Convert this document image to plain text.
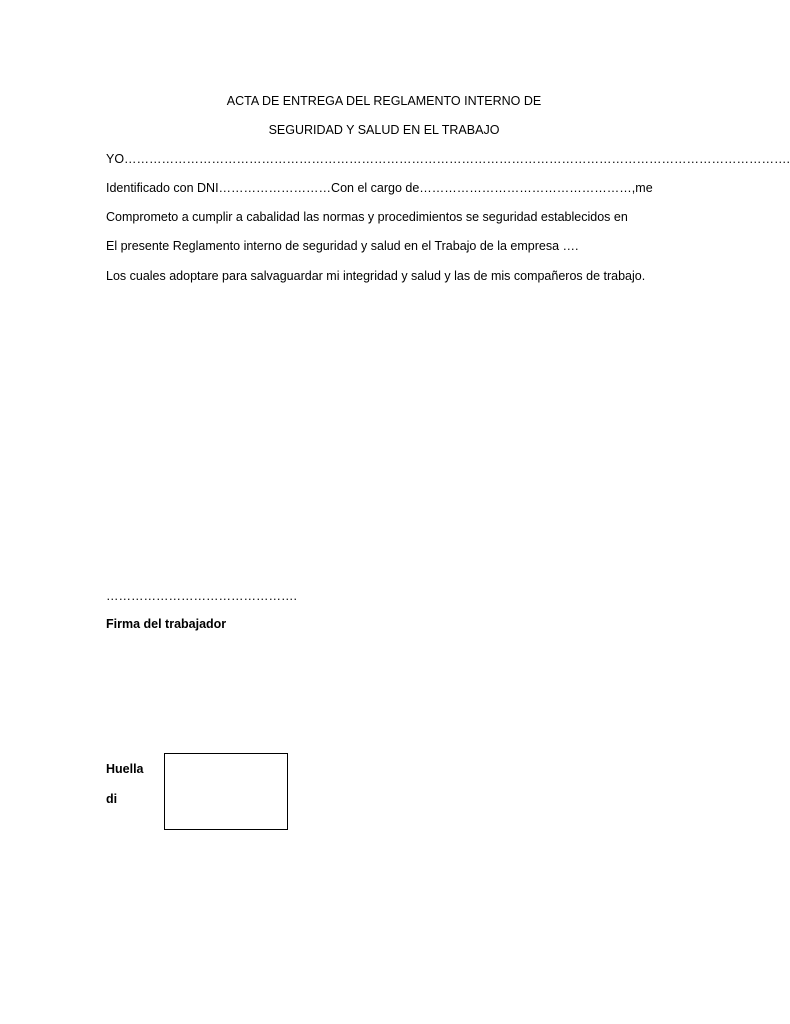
ACTA DE ENTREGA DEL REGLAMENTO INTERNO DE
SEGURIDAD Y SALUD EN EL TRABAJO
YO…………………………………………………………………………………………………………………………………………….
Identificado con DNI………………………Con el cargo de……………………………………………,me
Comprometo a cumplir a cabalidad las normas y procedimientos se seguridad establecidos en
El presente Reglamento interno de seguridad y salud en el Trabajo de la empresa ….
Los cuales adoptare para salvaguardar mi integridad y salud y las de mis compañeros de trabajo.
……………………………………….
Firma del trabajador
Huella
di
